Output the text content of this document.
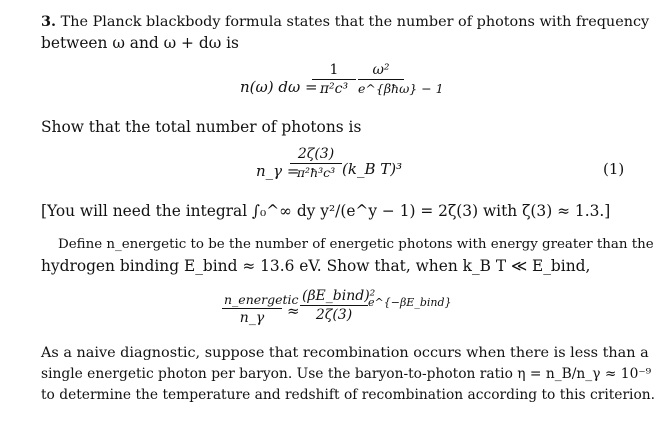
3. The Planck blackbody formula states that the number of photons with frequency
between ω and ω + dω is
n(ω) dω =
1
π²c³
ω²
e^{βħω} − 1
Show that the total number of photons is
n_γ =
2ζ(3)
π²ħ³c³ (k_B T)³	(1)
[You will need the integral ∫₀^∞ dy y²/(e^y − 1) = 2ζ(3) with ζ(3) ≈ 1.3.]
Define n_energetic to be the number of energetic photons with energy greater than the
hydrogen binding E_bind ≈ 13.6 eV. Show that, when k_B T ≪ E_bind,
n_energetic
n_γ	≈
(βE_bind)²
2ζ(3)
e^{−βE_bind}
As a naive diagnostic, suppose that recombination occurs when there is less than a
single energetic photon per baryon. Use the baryon-to-photon ratio η = n_B/n_γ ≈ 10⁻⁹
to determine the temperature and redshift of recombination according to this criterion.
